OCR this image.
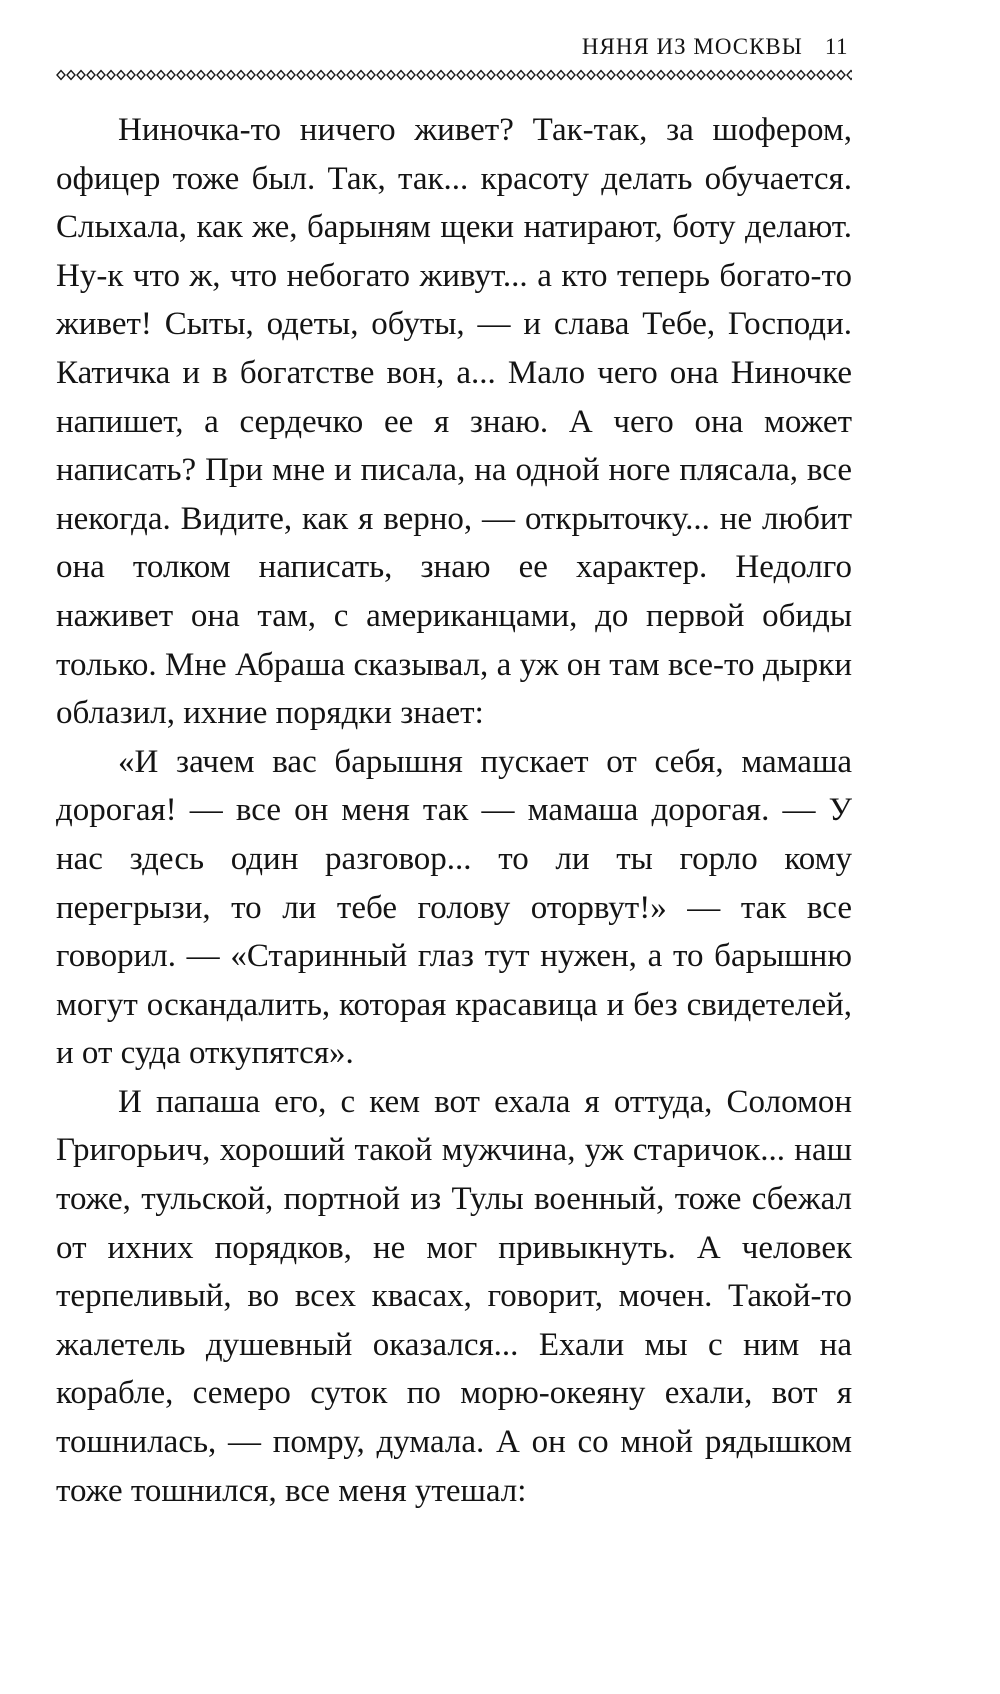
НЯНЯ ИЗ МОСКВЫ 11

Ниночка-то ничего живет? Так-так, за шофером, офицер тоже был. Так, так... красоту делать обучается. Слыхала, как же, барыням щеки натирают, боту делают. Ну-к что ж, что небогато живут... а кто теперь богато-то живет! Сыты, одеты, обуты, — и слава Тебе, Господи. Катичка и в богатстве вон, а... Мало чего она Ниночке напишет, а сердечко ее я знаю. А чего она может написать? При мне и писала, на одной ноге плясала, все некогда. Видите, как я верно, — открыточку... не любит она толком написать, знаю ее характер. Недолго наживет она там, с американцами, до первой обиды только. Мне Абраша сказывал, а уж он там все-то дырки облазил, ихние порядки знает:

«И зачем вас барышня пускает от себя, мамаша дорогая! — все он меня так — мамаша дорогая. — У нас здесь один разговор... то ли ты горло кому перегрызи, то ли тебе голову оторвут!» — так все говорил. — «Старинный глаз тут нужен, а то барышню могут оскандалить, которая красавица и без свидетелей, и от суда откупятся».

И папаша его, с кем вот ехала я оттуда, Соломон Григорьич, хороший такой мужчина, уж старичок... наш тоже, тульской, портной из Тулы военный, тоже сбежал от ихних порядков, не мог привыкнуть. А человек терпеливый, во всех квасах, говорит, мочен. Такой-то жалетель душевный оказался... Ехали мы с ним на корабле, семеро суток по морю-океяну ехали, вот я тошнилась, — помру, думала. А он со мной рядышком тоже тошнился, все меня утешал:
